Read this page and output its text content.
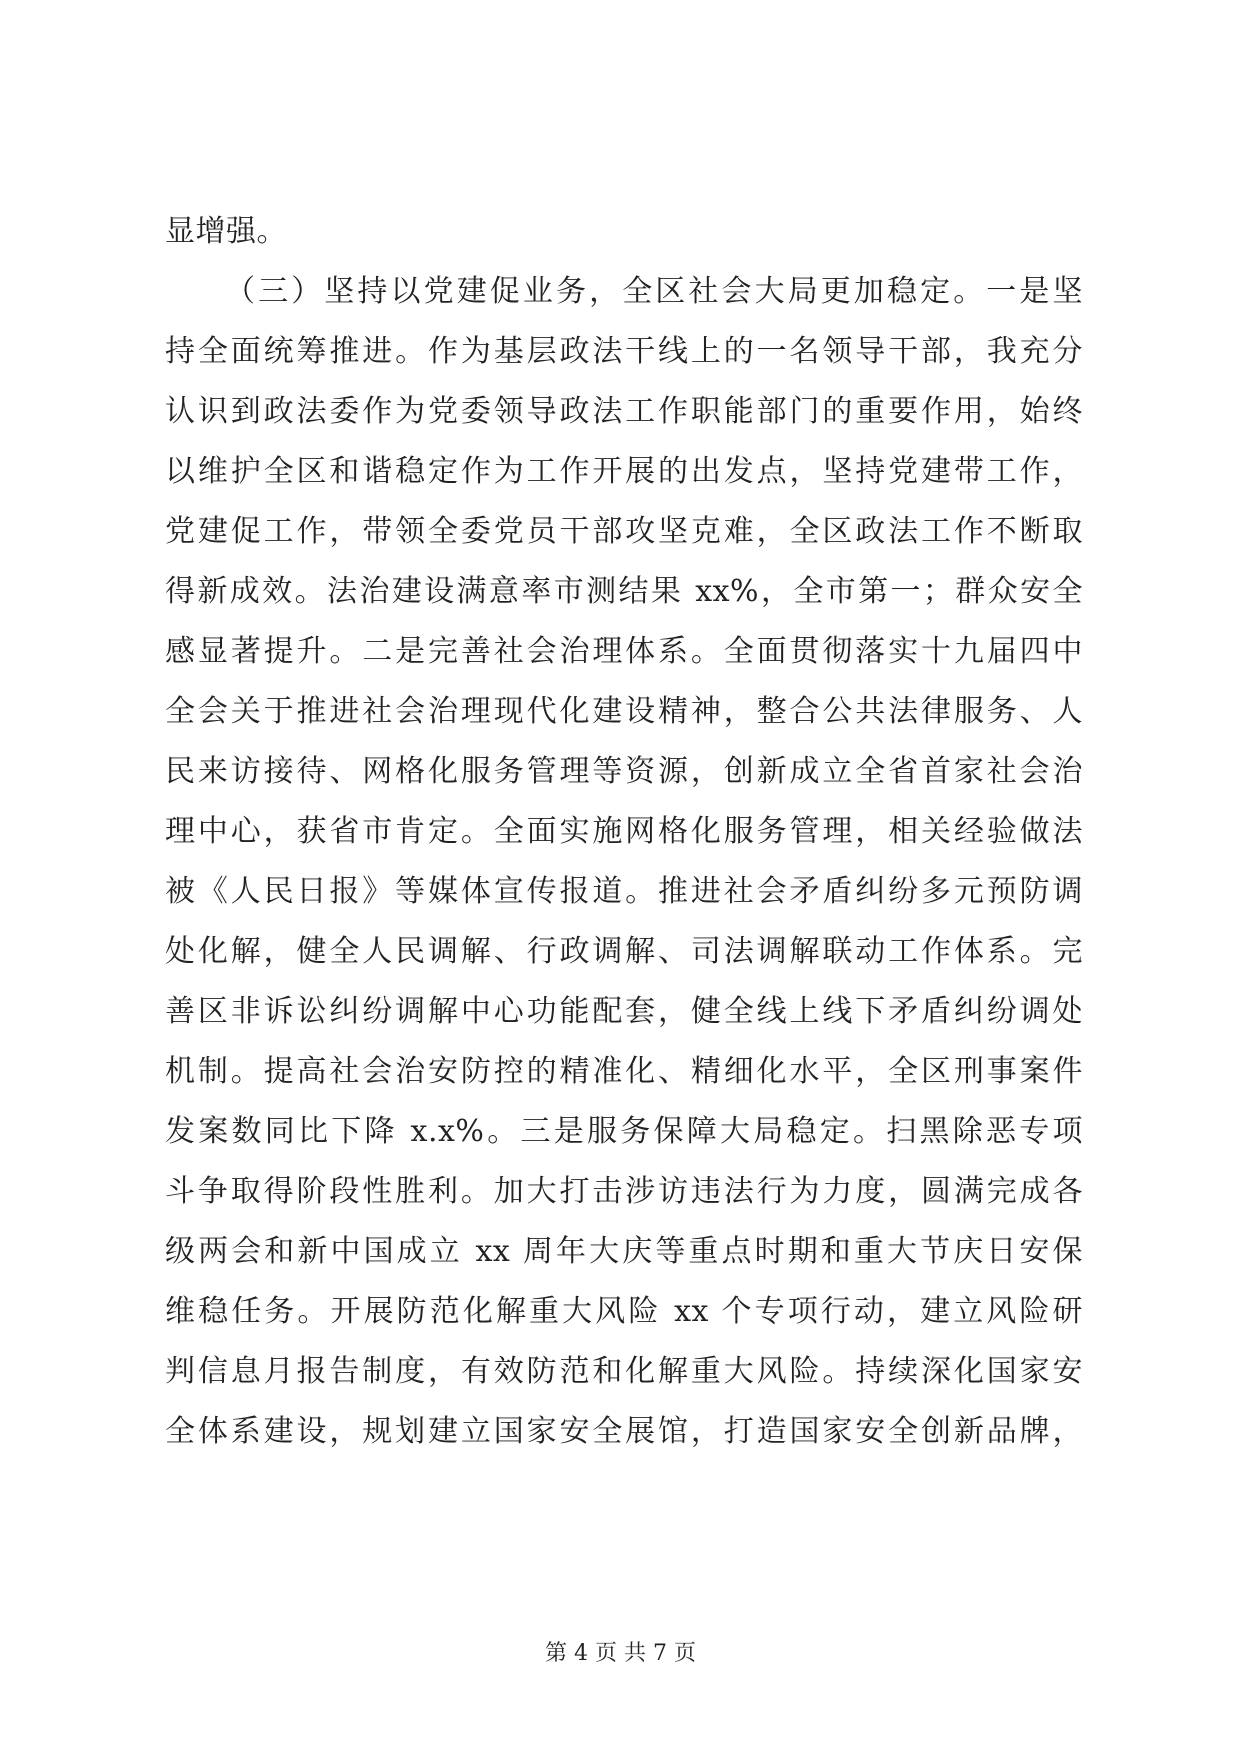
显增强。
（三）坚持以党建促业务，全区社会大局更加稳定。一是坚
持全面统筹推进。作为基层政法干线上的一名领导干部，我充分
认识到政法委作为党委领导政法工作职能部门的重要作用，始终
以维护全区和谐稳定作为工作开展的出发点，坚持党建带工作，
党建促工作，带领全委党员干部攻坚克难，全区政法工作不断取
得新成效。法治建设满意率市测结果 xx%，全市第一；群众安全
感显著提升。二是完善社会治理体系。全面贯彻落实十九届四中
全会关于推进社会治理现代化建设精神，整合公共法律服务、人
民来访接待、网格化服务管理等资源，创新成立全省首家社会治
理中心，获省市肯定。全面实施网格化服务管理，相关经验做法
被《人民日报》等媒体宣传报道。推进社会矛盾纠纷多元预防调
处化解，健全人民调解、行政调解、司法调解联动工作体系。完
善区非诉讼纠纷调解中心功能配套，健全线上线下矛盾纠纷调处
机制。提高社会治安防控的精准化、精细化水平，全区刑事案件
发案数同比下降 x.x%。三是服务保障大局稳定。扫黑除恶专项
斗争取得阶段性胜利。加大打击涉访违法行为力度，圆满完成各
级两会和新中国成立 xx 周年大庆等重点时期和重大节庆日安保
维稳任务。开展防范化解重大风险 xx 个专项行动，建立风险研
判信息月报告制度，有效防范和化解重大风险。持续深化国家安
全体系建设，规划建立国家安全展馆，打造国家安全创新品牌，
第 4 页 共 7 页
